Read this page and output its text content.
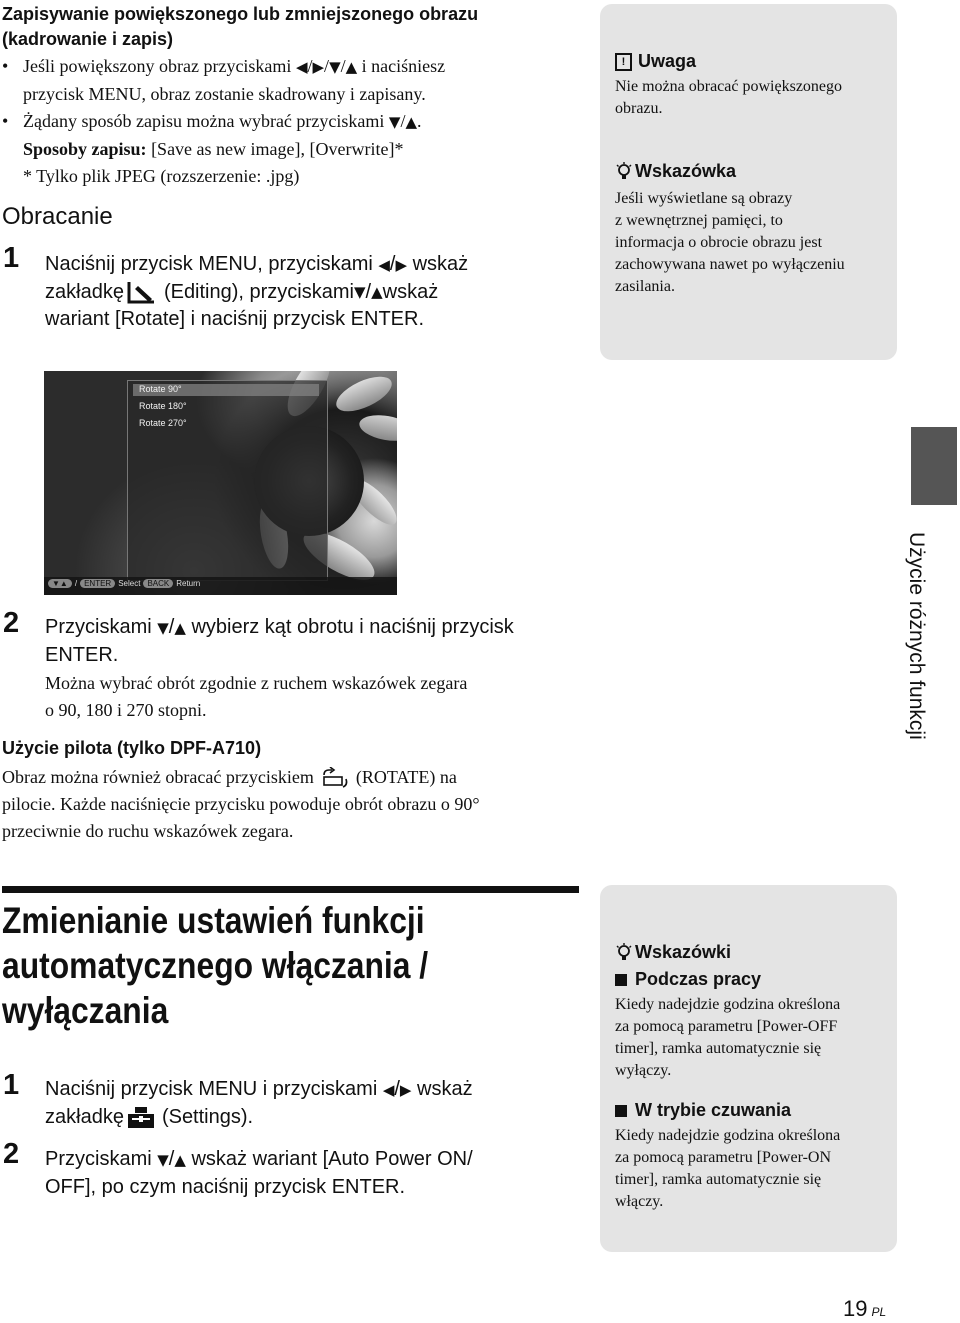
Zapisywanie powiększonego lub zmniejszonego obrazu
(kadrowanie i zapis)
• Jeśli powiększony obraz przyciskami ◀/▶/▼/▲ i naciśniesz
przycisk MENU, obraz zostanie skadrowany i zapisany.
• Żądany sposób zapisu można wybrać przyciskami ▼/▲.
Sposoby zapisu: [Save as new image], [Overwrite]*
* Tylko plik JPEG (rozszerzenie: .jpg)
Obracanie
1 Naciśnij przycisk MENU, przyciskami ◀/▶ wskaż
zakładkę (Editing), przyciskami ▼ / ▲ wskaż
wariant [Rotate] i naciśnij przycisk ENTER.
Rotate 90°
Rotate 180°
Rotate 270°
▼▲ / ENTER Select BACK Return
2 Przyciskami ▼/▲ wybierz kąt obrotu i naciśnij przycisk
ENTER.
Można wybrać obrót zgodnie z ruchem wskazówek zegara
o 90, 180 i 270 stopni.
Użycie pilota (tylko DPF-A710)
Obraz można również obracać przyciskiem (ROTATE) na
pilocie. Każde naciśnięcie przycisku powoduje obrót obrazu o 90°
przeciwnie do ruchu wskazówek zegara.
! Uwaga
Nie można obracać powiększonego
obrazu.
Wskazówka
Jeśli wyświetlane są obrazy
z wewnętrznej pamięci, to
informacja o obrocie obrazu jest
zachowywana nawet po wyłączeniu
zasilania.
Użycie różnych funkcji
Zmienianie ustawień funkcji
automatycznego włączania /
wyłączania
1 Naciśnij przycisk MENU i przyciskami ◀/▶ wskaż
zakładkę (Settings).
2 Przyciskami ▼/▲ wskaż wariant [Auto Power ON/
OFF], po czym naciśnij przycisk ENTER.
Wskazówki
Podczas pracy
Kiedy nadejdzie godzina określona
za pomocą parametru [Power-OFF
timer], ramka automatycznie się
wyłączy.
W trybie czuwania
Kiedy nadejdzie godzina określona
za pomocą parametru [Power-ON
timer], ramka automatycznie się
włączy.
19 PL
